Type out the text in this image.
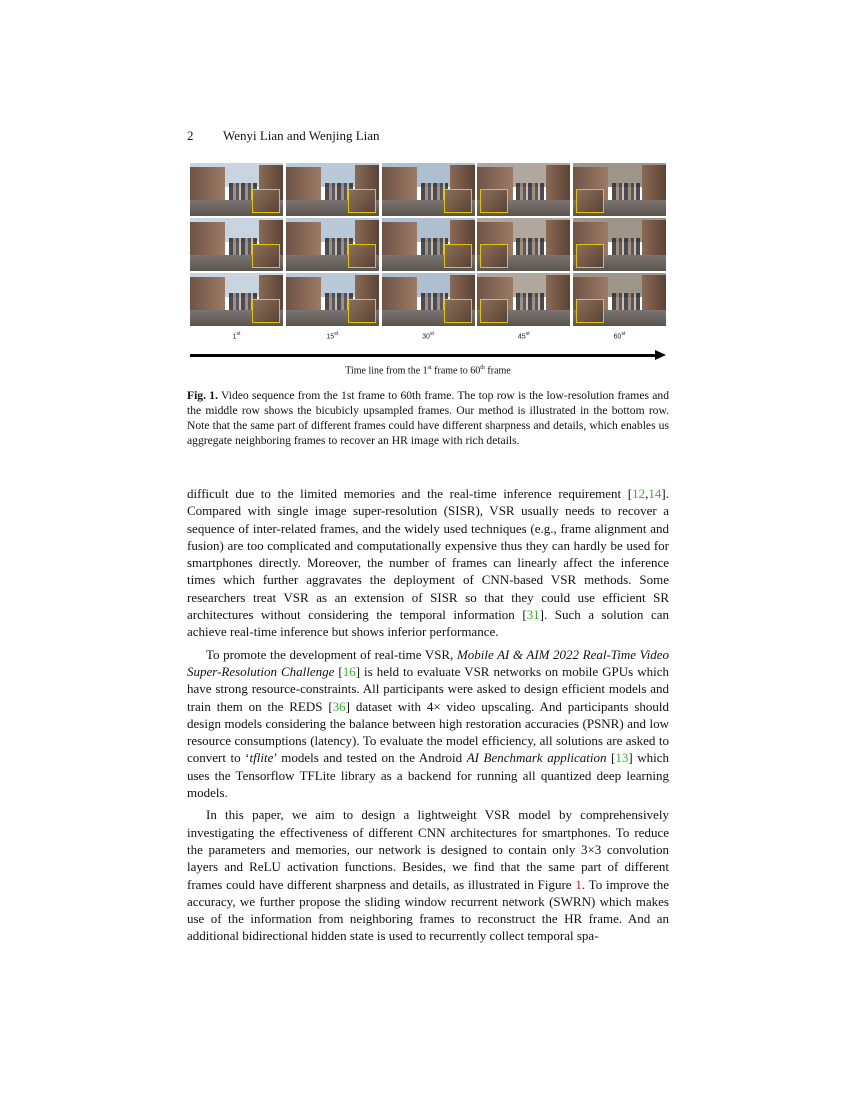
2 Wenyi Lian and Wenjing Lian
1st	15st	30st	45st	60st
Time line from the 1st frame to 60th frame
Fig. 1. Video sequence from the 1st frame to 60th frame. The top row is the low-resolution frames and the middle row shows the bicubicly upsampled frames. Our method is illustrated in the bottom row. Note that the same part of different frames could have different sharpness and details, which enables us aggregate neighboring frames to recover an HR image with rich details.

difficult due to the limited memories and the real-time inference requirement [12,14]. Compared with single image super-resolution (SISR), VSR usually needs to recover a sequence of inter-related frames, and the widely used techniques (e.g., frame alignment and fusion) are too complicated and computationally expensive thus they can hardly be used for smartphones directly. Moreover, the number of frames can linearly affect the inference times which further aggravates the deployment of CNN-based VSR methods. Some researchers treat VSR as an extension of SISR so that they could use efficient SR architectures without considering the temporal information [31]. Such a solution can achieve real-time inference but shows inferior performance.

To promote the development of real-time VSR, Mobile AI & AIM 2022 Real-Time Video Super-Resolution Challenge [16] is held to evaluate VSR networks on mobile GPUs which have strong resource-constraints. All participants were asked to design efficient models and train them on the REDS [36] dataset with 4× video upscaling. And participants should design models considering the balance between high restoration accuracies (PSNR) and low resource consumptions (latency). To evaluate the model efficiency, all solutions are asked to convert to ‘tflite’ models and tested on the Android AI Benchmark application [13] which uses the Tensorflow TFLite library as a backend for running all quantized deep learning models.

In this paper, we aim to design a lightweight VSR model by comprehensively investigating the effectiveness of different CNN architectures for smartphones. To reduce the parameters and memories, our network is designed to contain only 3×3 convolution layers and ReLU activation functions. Besides, we find that the same part of different frames could have different sharpness and details, as illustrated in Figure 1. To improve the accuracy, we further propose the sliding window recurrent network (SWRN) which makes use of the information from neighboring frames to reconstruct the HR frame. And an additional bidirectional hidden state is used to recurrently collect temporal spa-
